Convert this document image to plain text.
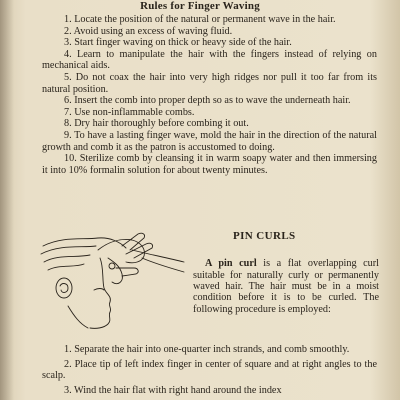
Rules for Finger Waving

1. Locate the position of the natural or permanent wave in the hair.

2. Avoid using an excess of waving fluid.

3. Start finger waving on thick or heavy side of the hair.

4. Learn to manipulate the hair with the fingers instead of relying on mechanical aids.

5. Do not coax the hair into very high ridges nor pull it too far from its natural position.

6. Insert the comb into proper depth so as to wave the underneath hair.

7. Use non-inflammable combs.

8. Dry hair thoroughly before combing it out.

9. To have a lasting finger wave, mold the hair in the direction of the natural growth and comb it as the patron is accustomed to doing.

10. Sterilize comb by cleansing it in warm soapy water and then immersing it into 10% formalin solution for about twenty minutes.

PIN CURLS

A pin curl is a flat overlapping curl suitable for naturally curly or permanently waved hair. The hair must be in a moist condition before it is to be curled. The following procedure is employed:

1. Separate the hair into one-quarter inch strands, and comb smoothly.

2. Place tip of left index finger in center of square and at right angles to the scalp.

3. Wind the hair flat with right hand around the index
